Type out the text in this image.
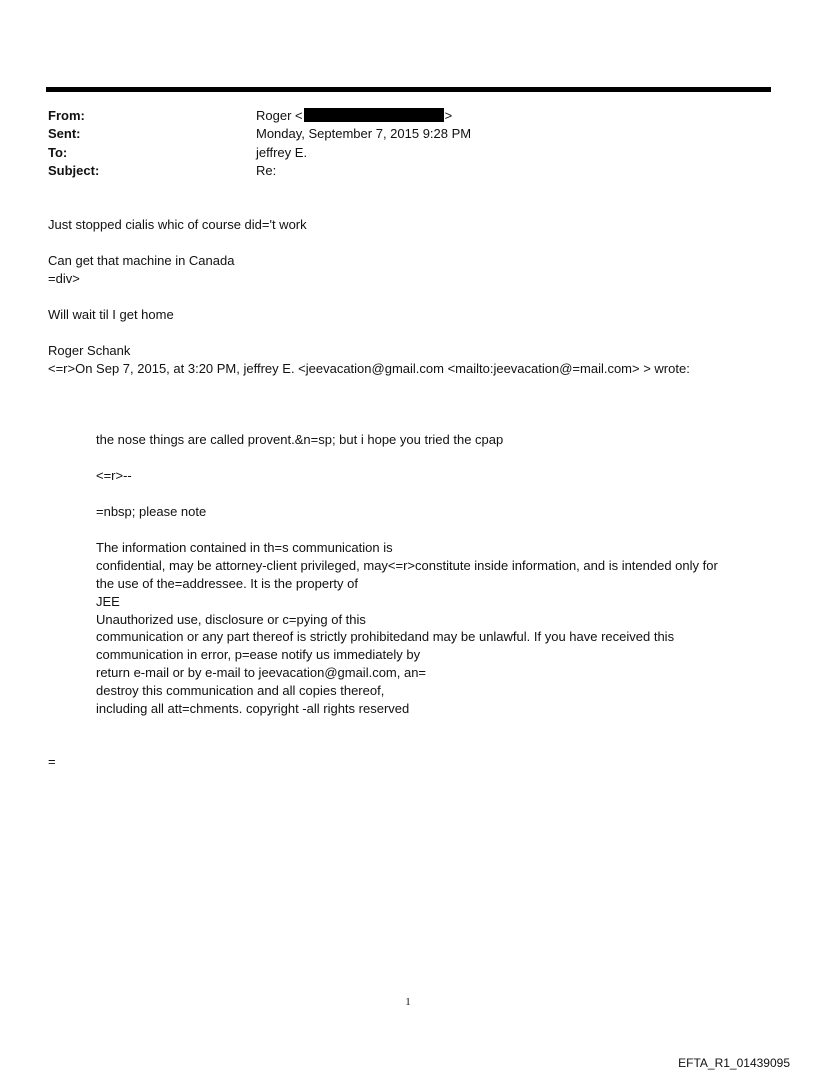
From:
Sent:
To:
Subject:
Roger <	>
Monday, September 7, 2015 9:28 PM
jeffrey E.
Re:
Just stopped cialis whic of course did='t work
Can get that machine in Canada
=div>
Will wait til I get home
Roger Schank
<=r>On Sep 7, 2015, at 3:20 PM, jeffrey E. <jeevacation@gmail.com <mailto:jeevacation@=mail.com> > wrote:
the nose things are called provent.&n=sp; but i hope you tried the cpap
<=r>--
=nbsp; please note
The information contained in th=s communication is
confidential, may be attorney-client privileged, may<=r>constitute inside information, and is intended only for
the use of the=addressee. It is the property of
JEE
Unauthorized use, disclosure or c=pying of this
communication or any part thereof is strictly prohibitedand may be unlawful. If you have received this
communication in error, p=ease notify us immediately by
return e-mail or by e-mail to jeevacation@gmail.com, an=
destroy this communication and all copies thereof,
including all att=chments. copyright -all rights reserved
=
1
EFTA_R1_01439095
